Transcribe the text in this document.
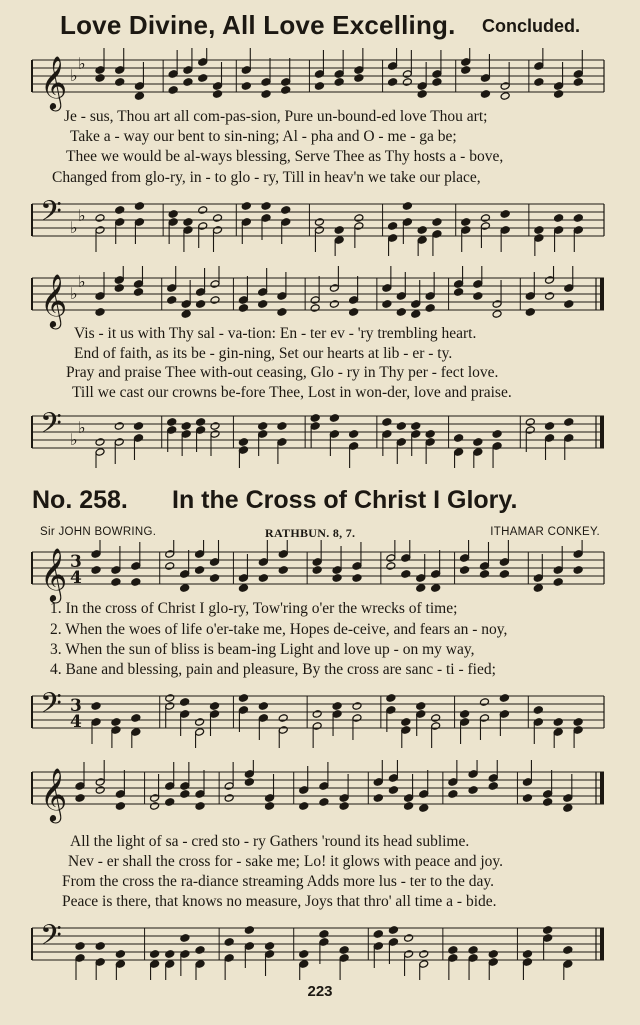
Love Divine, All Love Excelling. Concluded.
𝄞 ♭
♭
Je - sus, Thou art all com-pas-sion, Pure un-bound-ed love Thou art;
Take a - way our bent to sin-ning; Al - pha and O - me - ga be;
Thee we would be al-ways blessing, Serve Thee as Thy hosts a - bove,
Changed from glo-ry, in - to glo - ry, Till in heav'n we take our place,
𝄢 ♭
♭
𝄞 ♭
♭
Vis - it us with Thy sal - va-tion: En - ter ev - 'ry trembling heart.
End of faith, as its be - gin-ning, Set our hearts at lib - er - ty.
Pray and praise Thee with-out ceasing, Glo - ry in Thy per - fect love.
Till we cast our crowns be-fore Thee, Lost in won-der, love and praise.
𝄢 ♭
♭
No. 258. In the Cross of Christ I Glory.
Sir JOHN BOWRING.	RATHBUN. 8, 7.	ITHAMAR CONKEY.
𝄞 3
4
1. In the cross of Christ I glo-ry, Tow'ring o'er the wrecks of time;
2. When the woes of life o'er-take me, Hopes de-ceive, and fears an - noy,
3. When the sun of bliss is beam-ing Light and love up - on my way,
4. Bane and blessing, pain and pleasure, By the cross are sanc - ti - fied;
𝄢 3
4
𝄞
All the light of sa - cred sto - ry Gathers 'round its head sublime.
Nev - er shall the cross for - sake me; Lo! it glows with peace and joy.
From the cross the ra-diance streaming Adds more lus - ter to the day.
Peace is there, that knows no measure, Joys that thro' all time a - bide.
𝄢
223
